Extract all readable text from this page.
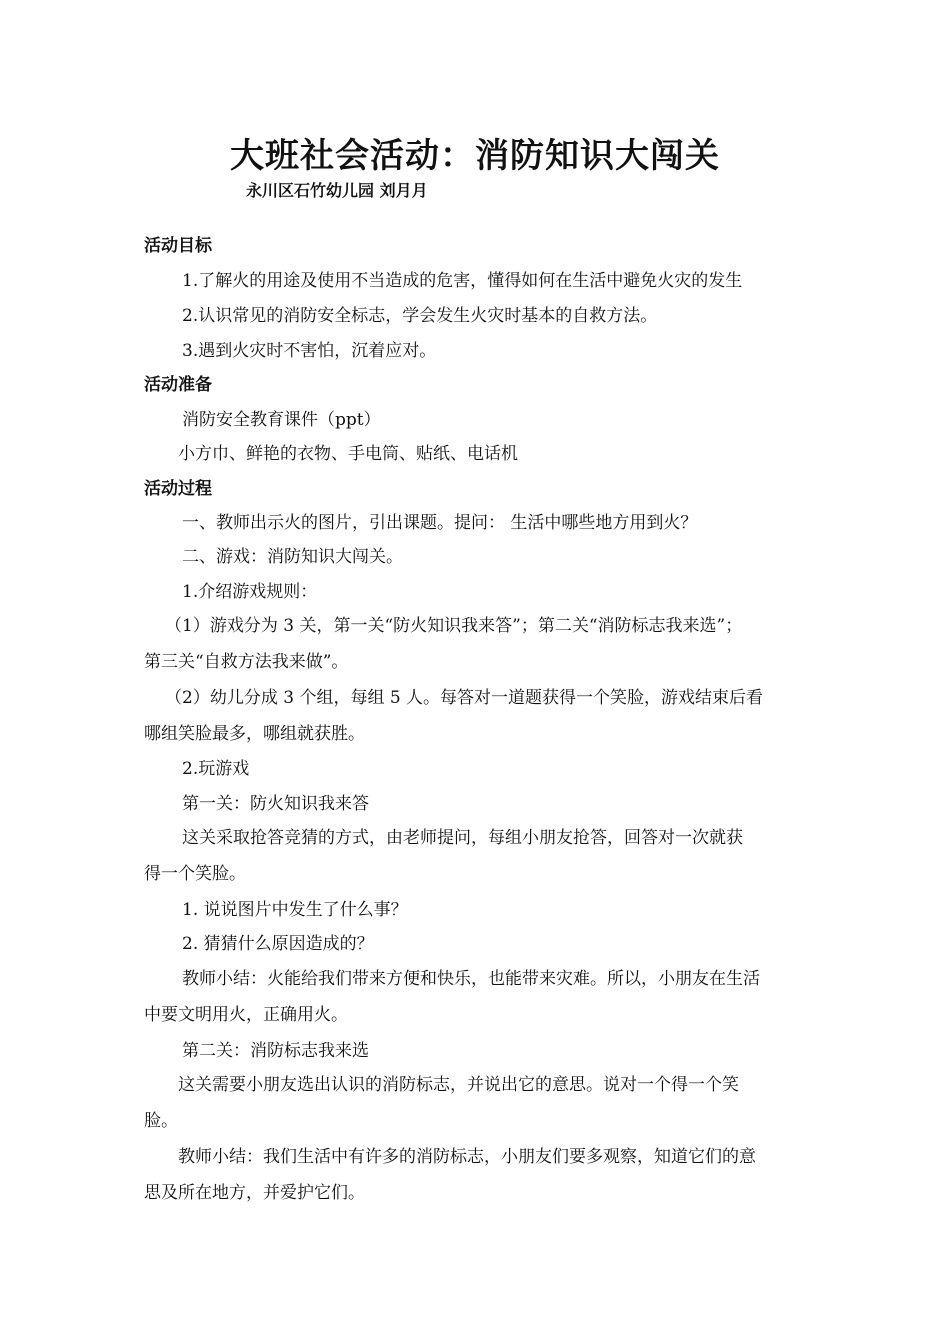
大班社会活动：消防知识大闯关
永川区石竹幼儿园 刘月月
活动目标
1.了解火的用途及使用不当造成的危害，懂得如何在生活中避免火灾的发生
2.认识常见的消防安全标志，学会发生火灾时基本的自救方法。
3.遇到火灾时不害怕，沉着应对。
活动准备
消防安全教育课件（ppt）
小方巾、鲜艳的衣物、手电筒、贴纸、电话机
活动过程
一、教师出示火的图片，引出课题。提问： 生活中哪些地方用到火？
二、游戏：消防知识大闯关。
1.介绍游戏规则：
（1）游戏分为 3 关，第一关“防火知识我来答”；第二关“消防标志我来选”；
第三关“自救方法我来做”。
（2）幼儿分成 3 个组，每组 5 人。每答对一道题获得一个笑脸，游戏结束后看
哪组笑脸最多，哪组就获胜。
2.玩游戏
第一关：防火知识我来答
这关采取抢答竞猜的方式，由老师提问，每组小朋友抢答，回答对一次就获
得一个笑脸。
1. 说说图片中发生了什么事？
2. 猜猜什么原因造成的？
教师小结：火能给我们带来方便和快乐，也能带来灾难。所以，小朋友在生活
中要文明用火，正确用火。
第二关：消防标志我来选
这关需要小朋友选出认识的消防标志，并说出它的意思。说对一个得一个笑
脸。
教师小结：我们生活中有许多的消防标志，小朋友们要多观察，知道它们的意
思及所在地方，并爱护它们。
